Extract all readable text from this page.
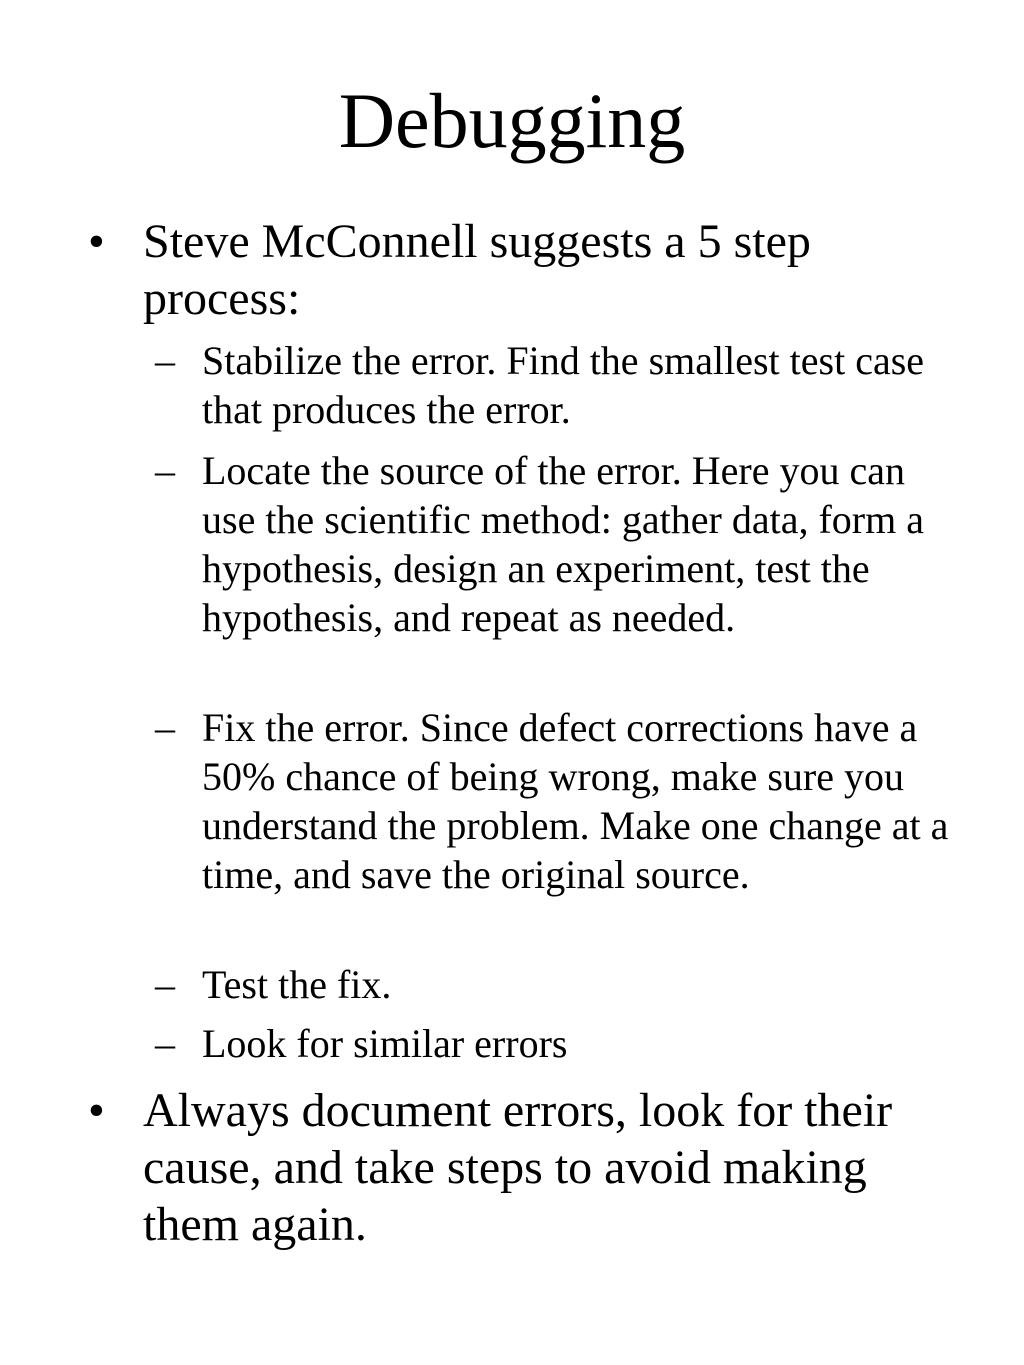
Debugging
• Steve McConnell suggests a 5 step process:
– Stabilize the error. Find the smallest test case that produces the error.
– Locate the source of the error. Here you can use the scientific method: gather data, form a hypothesis, design an experiment, test the hypothesis, and repeat as needed.
– Fix the error. Since defect corrections have a 50% chance of being wrong, make sure you understand the problem. Make one change at a time, and save the original source.
– Test the fix.
– Look for similar errors
• Always document errors, look for their cause, and take steps to avoid making them again.
